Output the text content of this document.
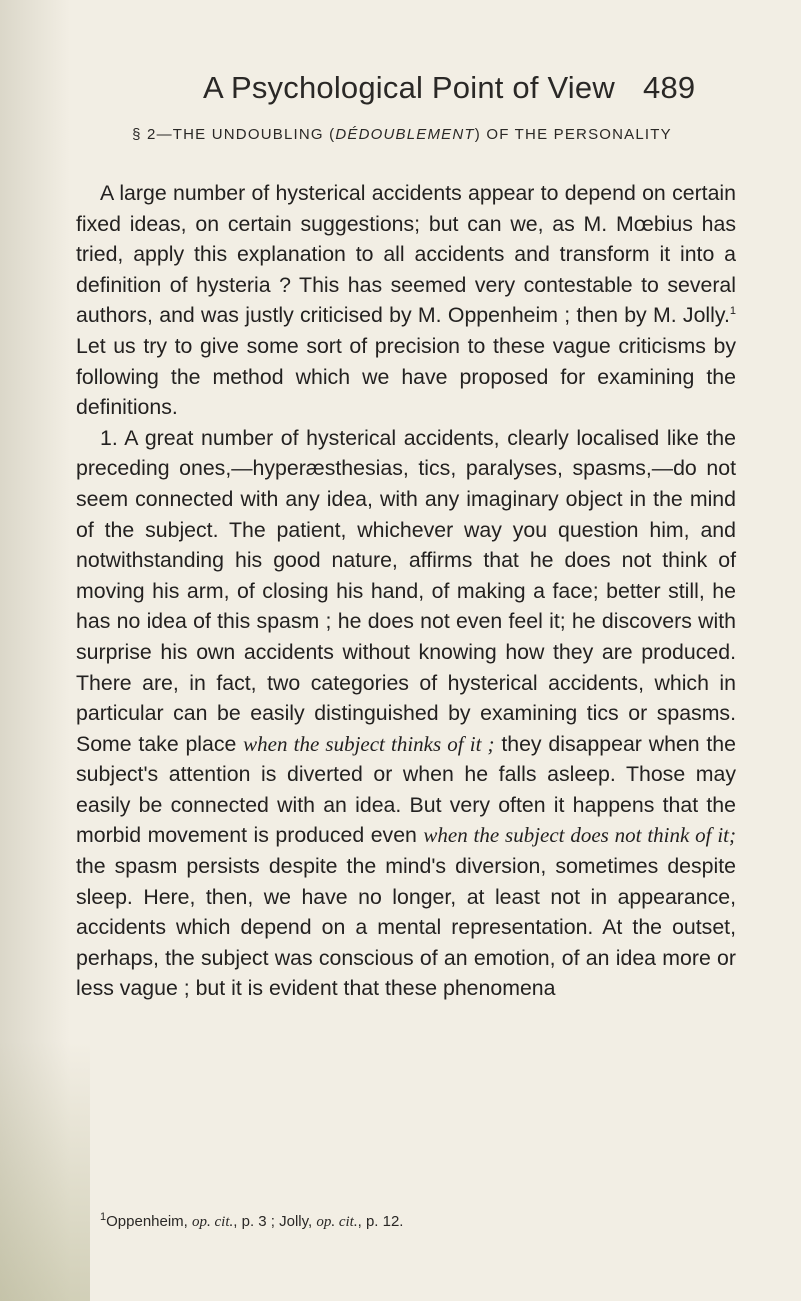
A Psychological Point of View 489
§ 2—THE UNDOUBLING (DÉDOUBLEMENT) OF THE PERSONALITY

A large number of hysterical accidents appear to depend on certain fixed ideas, on certain suggestions; but can we, as M. Mœbius has tried, apply this explanation to all accidents and transform it into a definition of hysteria ? This has seemed very contestable to several authors, and was justly criticised by M. Oppenheim ; then by M. Jolly.$^1$ Let us try to give some sort of precision to these vague criticisms by following the method which we have proposed for examining the definitions.

1. A great number of hysterical accidents, clearly localised like the preceding ones,—hyperæsthesias, tics, paralyses, spasms,—do not seem connected with any idea, with any imaginary object in the mind of the subject. The patient, whichever way you question him, and notwithstanding his good nature, affirms that he does not think of moving his arm, of closing his hand, of making a face; better still, he has no idea of this spasm ; he does not even feel it; he discovers with surprise his own accidents without knowing how they are produced. There are, in fact, two categories of hysterical accidents, which in particular can be easily distinguished by examining tics or spasms. Some take place when the subject thinks of it ; they disappear when the subject's attention is diverted or when he falls asleep. Those may easily be connected with an idea. But very often it happens that the morbid movement is produced even when the subject does not think of it; the spasm persists despite the mind's diversion, sometimes despite sleep. Here, then, we have no longer, at least not in appearance, accidents which depend on a mental representation. At the outset, perhaps, the subject was conscious of an emotion, of an idea more or less vague ; but it is evident that these phenomena

$^1$Oppenheim, op. cit., p. 3 ; Jolly, op. cit., p. 12.
